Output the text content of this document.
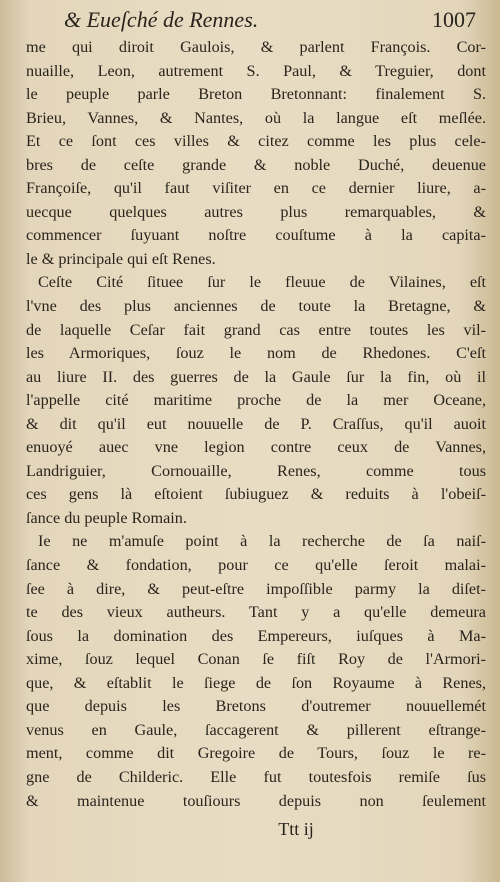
& Eueſché de Rennes.	1007
me qui diroit Gaulois, & parlent François. Cor-
nuaille, Leon, autrement S. Paul, & Treguier, dont
le peuple parle Breton Bretonnant: finalement S.
Brieu, Vannes, & Nantes, où la langue eſt meſlée.
Et ce ſont ces villes & citez comme les plus cele-
bres de ceſte grande & noble Duché, deuenue
Françoiſe, qu'il faut viſiter en ce dernier liure, a-
uecque quelques autres plus remarquables, &
commencer ſuyuant noſtre couſtume à la capita-
le & principale qui eſt Renes.
Ceſte Cité ſituee ſur le fleuue de Vilaines, eſt
l'vne des plus anciennes de toute la Bretagne, &
de laquelle Ceſar fait grand cas entre toutes les vil-
les Armoriques, ſouz le nom de Rhedones. C'eſt
au liure II. des guerres de la Gaule ſur la fin, où il
l'appelle cité maritime proche de la mer Oceane,
& dit qu'il eut nouuelle de P. Craſſus, qu'il auoit
enuoyé auec vne legion contre ceux de Vannes,
Landriguier, Cornouaille, Renes, comme tous
ces gens là eſtoient ſubiuguez & reduits à l'obeiſ-
ſance du peuple Romain.
Ie ne m'amuſe point à la recherche de ſa naiſ-
ſance & fondation, pour ce qu'elle ſeroit malai-
ſee à dire, & peut-eſtre impoſſible parmy la diſet-
te des vieux autheurs. Tant y a qu'elle demeura
ſous la domination des Empereurs, iuſques à Ma-
xime, ſouz lequel Conan ſe fiſt Roy de l'Armori-
que, & eſtablit le ſiege de ſon Royaume à Renes,
que depuis les Bretons d'outremer nouuellemét
venus en Gaule, ſaccagerent & pillerent eſtrange-
ment, comme dit Gregoire de Tours, ſouz le re-
gne de Childeric. Elle fut toutesfois remiſe ſus
& maintenue touſiours depuis non ſeulement
Ttt ij
